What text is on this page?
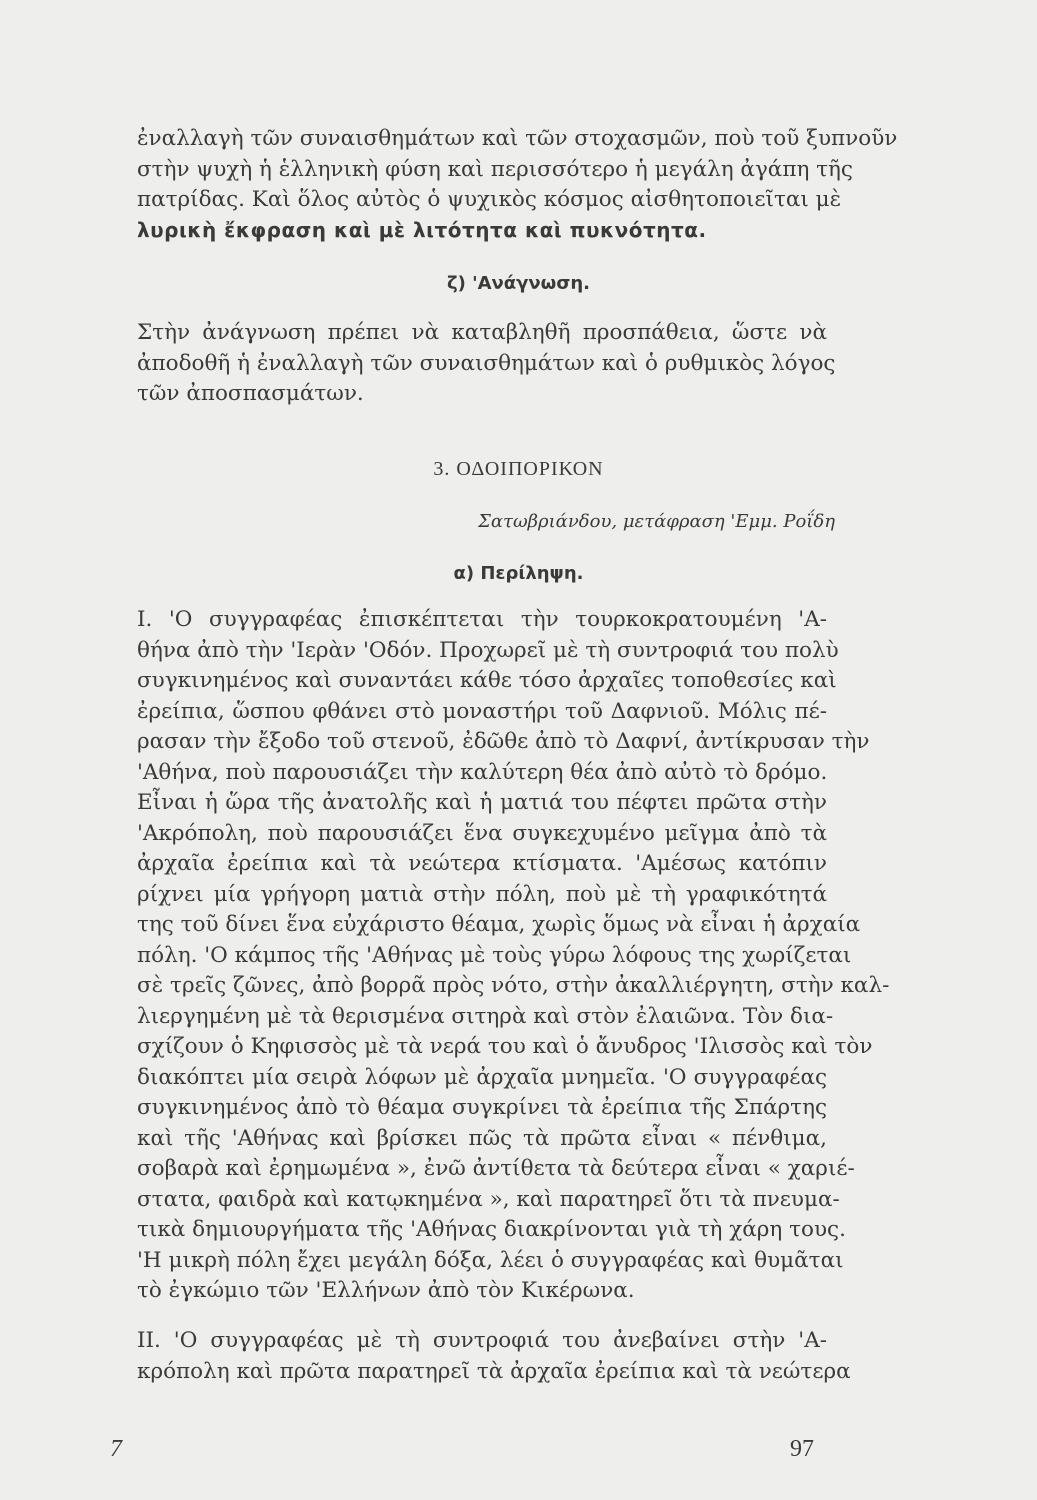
ἐναλλαγὴ τῶν συναισθημάτων καὶ τῶν στοχασμῶν, ποὺ τοῦ ξυπνοῦν
στὴν ψυχὴ ἡ ἑλληνικὴ φύση καὶ περισσότερο ἡ μεγάλη ἀγάπη τῆς
πατρίδας. Καὶ ὅλος αὐτὸς ὁ ψυχικὸς κόσμος αἰσθητοποιεῖται μὲ
λυρικὴ ἔκφραση καὶ μὲ λιτότητα καὶ πυκνότητα.
ζ) 'Ανάγνωση.
Στὴν ἀνάγνωση πρέπει νὰ καταβληθῆ προσπάθεια, ὥστε νὰ
ἀποδοθῆ ἡ ἐναλλαγὴ τῶν συναισθημάτων καὶ ὁ ρυθμικὸς λόγος
τῶν ἀποσπασμάτων.
3. ΟΔΟΙΠΟΡΙΚΟΝ
Σατωβριάνδου, μετάφραση 'Εμμ. Ροΐδη
α) Περίληψη.
I. 'Ο συγγραφέας ἐπισκέπτεται τὴν τουρκοκρατουμένη 'Α-
θήνα ἀπὸ τὴν 'Ιερὰν 'Οδόν. Προχωρεῖ μὲ τὴ συντροφιά του πολὺ
συγκινημένος καὶ συναντάει κάθε τόσο ἀρχαῖες τοποθεσίες καὶ
ἐρείπια, ὥσπου φθάνει στὸ μοναστήρι τοῦ Δαφνιοῦ. Μόλις πέ-
ρασαν τὴν ἔξοδο τοῦ στενοῦ, ἐδῶθε ἀπὸ τὸ Δαφνί, ἀντίκρυσαν τὴν
'Αθήνα, ποὺ παρουσιάζει τὴν καλύτερη θέα ἀπὸ αὐτὸ τὸ δρόμο.
Εἶναι ἡ ὥρα τῆς ἀνατολῆς καὶ ἡ ματιά του πέφτει πρῶτα στὴν
'Ακρόπολη, ποὺ παρουσιάζει ἕνα συγκεχυμένο μεῖγμα ἀπὸ τὰ
ἀρχαῖα ἐρείπια καὶ τὰ νεώτερα κτίσματα. 'Αμέσως κατόπιν
ρίχνει μία γρήγορη ματιὰ στὴν πόλη, ποὺ μὲ τὴ γραφικότητά
της τοῦ δίνει ἕνα εὐχάριστο θέαμα, χωρὶς ὅμως νὰ εἶναι ἡ ἀρχαία
πόλη. 'Ο κάμπος τῆς 'Αθήνας μὲ τοὺς γύρω λόφους της χωρίζεται
σὲ τρεῖς ζῶνες, ἀπὸ βορρᾶ πρὸς νότο, στὴν ἀκαλλιέργητη, στὴν καλ-
λιεργημένη μὲ τὰ θερισμένα σιτηρὰ καὶ στὸν ἐλαιῶνα. Τὸν δια-
σχίζουν ὁ Κηφισσὸς μὲ τὰ νερά του καὶ ὁ ἄνυδρος 'Ιλισσὸς καὶ τὸν
διακόπτει μία σειρὰ λόφων μὲ ἀρχαῖα μνημεῖα. 'Ο συγγραφέας
συγκινημένος ἀπὸ τὸ θέαμα συγκρίνει τὰ ἐρείπια τῆς Σπάρτης
καὶ τῆς 'Αθήνας καὶ βρίσκει πῶς τὰ πρῶτα εἶναι « πένθιμα,
σοβαρὰ καὶ ἐρημωμένα », ἐνῶ ἀντίθετα τὰ δεύτερα εἶναι « χαριέ-
στατα, φαιδρὰ καὶ κατῳκημένα », καὶ παρατηρεῖ ὅτι τὰ πνευμα-
τικὰ δημιουργήματα τῆς 'Αθήνας διακρίνονται γιὰ τὴ χάρη τους.
'Η μικρὴ πόλη ἔχει μεγάλη δόξα, λέει ὁ συγγραφέας καὶ θυμᾶται
τὸ ἐγκώμιο τῶν 'Ελλήνων ἀπὸ τὸν Κικέρωνα.
II. 'Ο συγγραφέας μὲ τὴ συντροφιά του ἀνεβαίνει στὴν 'Α-
κρόπολη καὶ πρῶτα παρατηρεῖ τὰ ἀρχαῖα ἐρείπια καὶ τὰ νεώτερα
7	97
